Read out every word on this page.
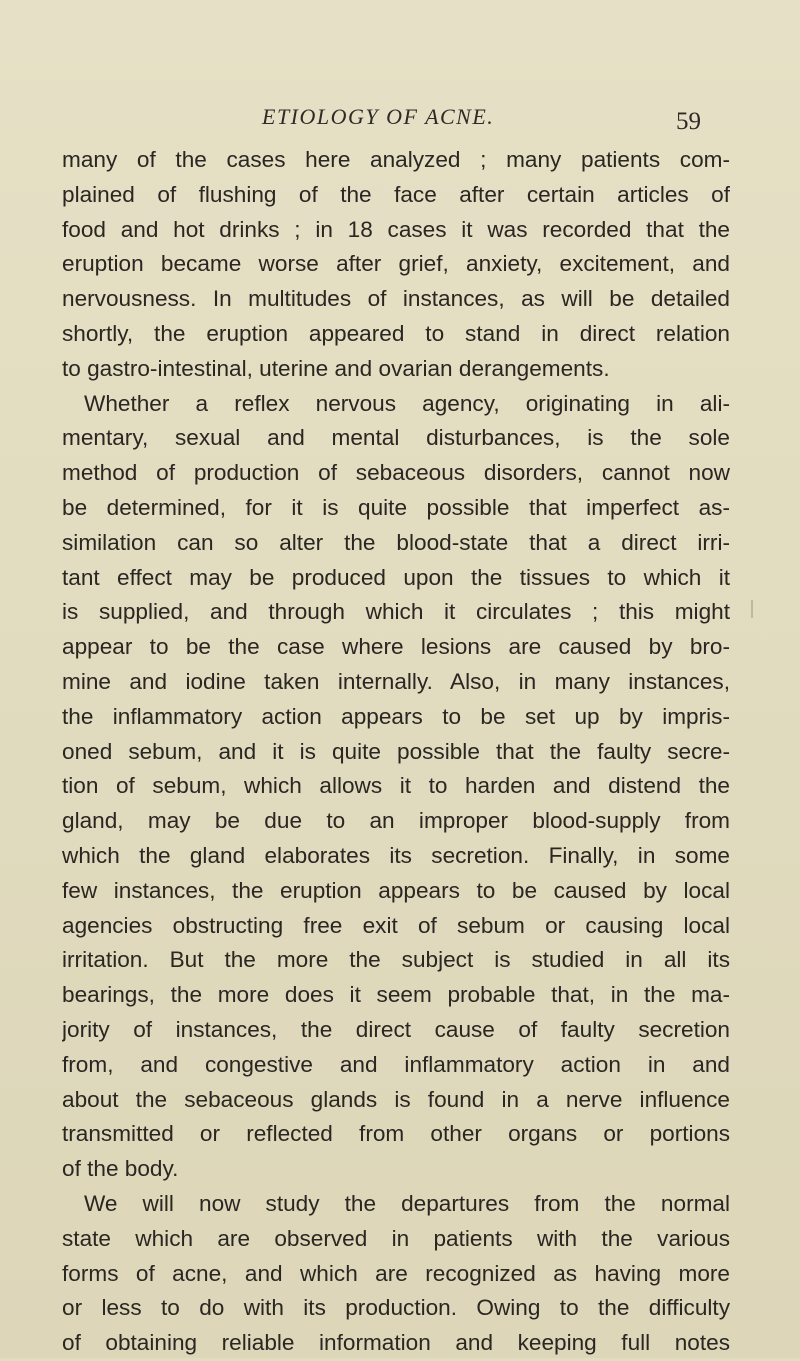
ETIOLOGY OF ACNE.	59
many of the cases here analyzed ; many patients com-
plained of flushing of the face after certain articles of
food and hot drinks ; in 18 cases it was recorded that the
eruption became worse after grief, anxiety, excitement, and
nervousness. In multitudes of instances, as will be detailed
shortly, the eruption appeared to stand in direct relation
to gastro-intestinal, uterine and ovarian derangements.
Whether a reflex nervous agency, originating in ali-
mentary, sexual and mental disturbances, is the sole
method of production of sebaceous disorders, cannot now
be determined, for it is quite possible that imperfect as-
similation can so alter the blood-state that a direct irri-
tant effect may be produced upon the tissues to which it
is supplied, and through which it circulates ; this might
appear to be the case where lesions are caused by bro-
mine and iodine taken internally. Also, in many instances,
the inflammatory action appears to be set up by impris-
oned sebum, and it is quite possible that the faulty secre-
tion of sebum, which allows it to harden and distend the
gland, may be due to an improper blood-supply from
which the gland elaborates its secretion. Finally, in some
few instances, the eruption appears to be caused by local
agencies obstructing free exit of sebum or causing local
irritation. But the more the subject is studied in all its
bearings, the more does it seem probable that, in the ma-
jority of instances, the direct cause of faulty secretion
from, and congestive and inflammatory action in and
about the sebaceous glands is found in a nerve influence
transmitted or reflected from other organs or portions
of the body.
We will now study the departures from the normal
state which are observed in patients with the various
forms of acne, and which are recognized as having more
or less to do with its production. Owing to the difficulty
of obtaining reliable information and keeping full notes
